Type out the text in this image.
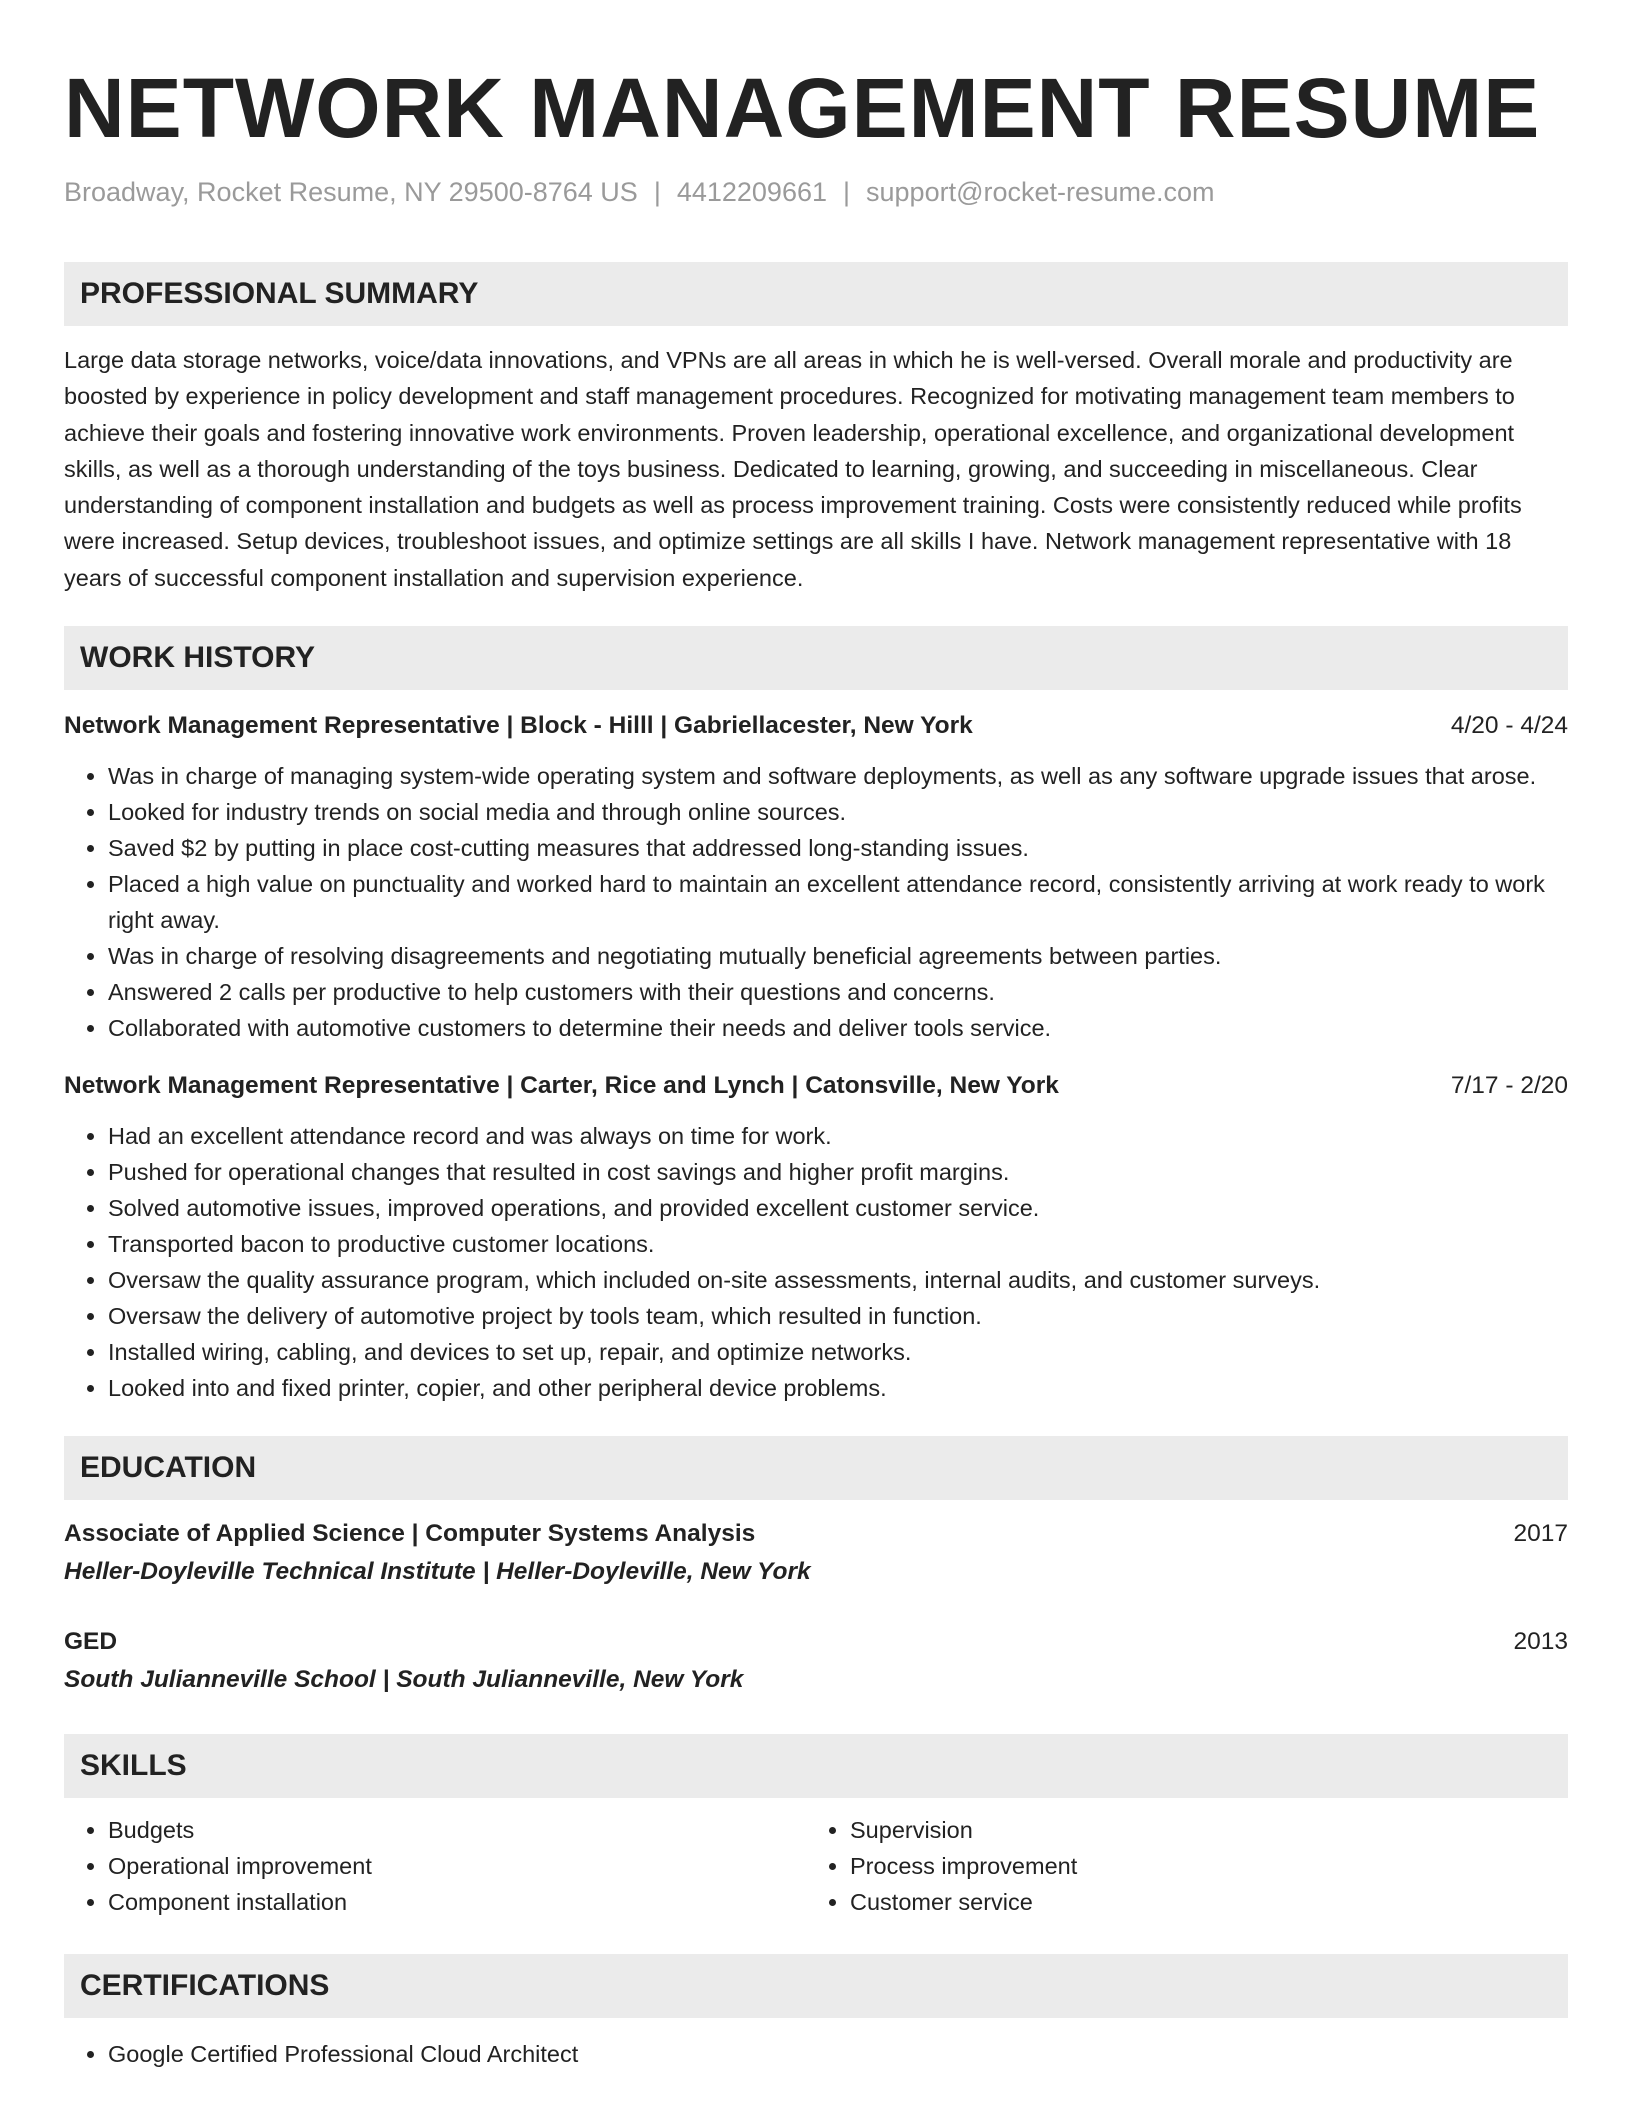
NETWORK MANAGEMENT RESUME
Broadway, Rocket Resume, NY 29500-8764 US | 4412209661 | support@rocket-resume.com
PROFESSIONAL SUMMARY
Large data storage networks, voice/data innovations, and VPNs are all areas in which he is well-versed. Overall morale and productivity are boosted by experience in policy development and staff management procedures. Recognized for motivating management team members to achieve their goals and fostering innovative work environments. Proven leadership, operational excellence, and organizational development skills, as well as a thorough understanding of the toys business. Dedicated to learning, growing, and succeeding in miscellaneous. Clear understanding of component installation and budgets as well as process improvement training. Costs were consistently reduced while profits were increased. Setup devices, troubleshoot issues, and optimize settings are all skills I have. Network management representative with 18 years of successful component installation and supervision experience.
WORK HISTORY
Network Management Representative | Block - Hilll | Gabriellacester, New York	4/20 - 4/24
• Was in charge of managing system-wide operating system and software deployments, as well as any software upgrade issues that arose.
• Looked for industry trends on social media and through online sources.
• Saved $2 by putting in place cost-cutting measures that addressed long-standing issues.
• Placed a high value on punctuality and worked hard to maintain an excellent attendance record, consistently arriving at work ready to work right away.
• Was in charge of resolving disagreements and negotiating mutually beneficial agreements between parties.
• Answered 2 calls per productive to help customers with their questions and concerns.
• Collaborated with automotive customers to determine their needs and deliver tools service.
Network Management Representative | Carter, Rice and Lynch | Catonsville, New York	7/17 - 2/20
• Had an excellent attendance record and was always on time for work.
• Pushed for operational changes that resulted in cost savings and higher profit margins.
• Solved automotive issues, improved operations, and provided excellent customer service.
• Transported bacon to productive customer locations.
• Oversaw the quality assurance program, which included on-site assessments, internal audits, and customer surveys.
• Oversaw the delivery of automotive project by tools team, which resulted in function.
• Installed wiring, cabling, and devices to set up, repair, and optimize networks.
• Looked into and fixed printer, copier, and other peripheral device problems.
EDUCATION
Associate of Applied Science | Computer Systems Analysis	2017
Heller-Doyleville Technical Institute | Heller-Doyleville, New York
GED	2013
South Julianneville School | South Julianneville, New York
SKILLS
• Budgets
• Operational improvement
• Component installation
• Supervision
• Process improvement
• Customer service
CERTIFICATIONS
• Google Certified Professional Cloud Architect
